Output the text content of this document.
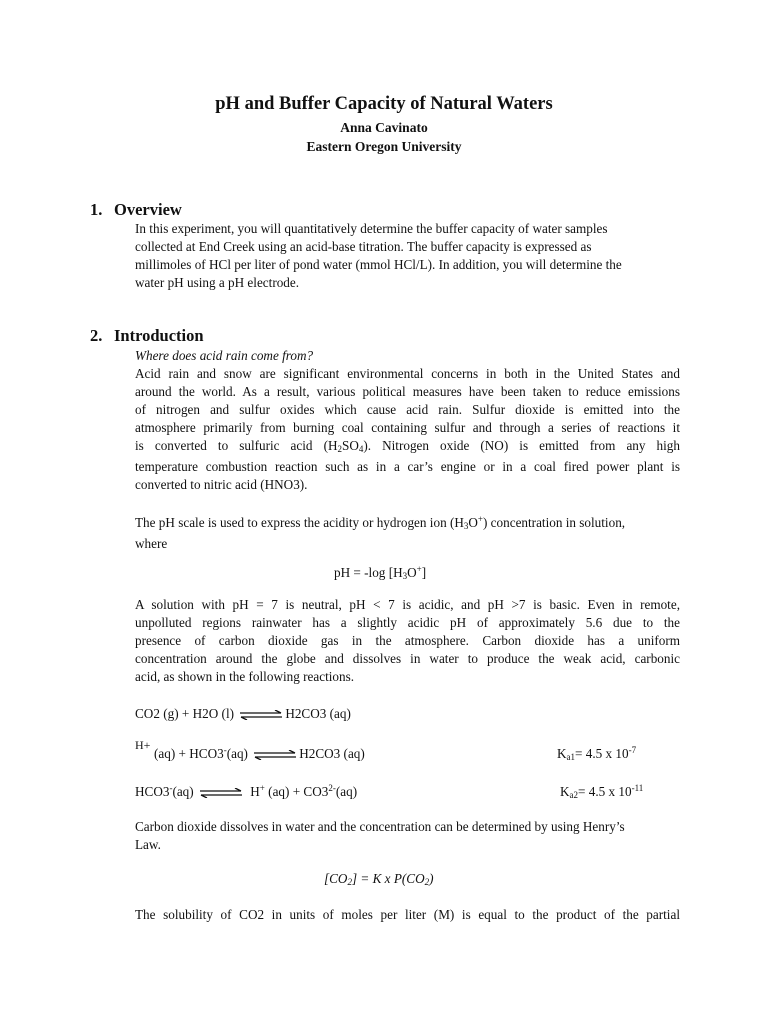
pH and Buffer Capacity of Natural Waters
Anna Cavinato
Eastern Oregon University
1. Overview
In this experiment, you will quantitatively determine the buffer capacity of water samples
collected at End Creek using an acid-base titration. The buffer capacity is expressed as
millimoles of HCl per liter of pond water (mmol HCl/L). In addition, you will determine the
water pH using a pH electrode.
2. Introduction
Where does acid rain come from?
Acid rain and snow are significant environmental concerns in both in the United States and
around the world. As a result, various political measures have been taken to reduce emissions
of nitrogen and sulfur oxides which cause acid rain. Sulfur dioxide is emitted into the
atmosphere primarily from burning coal containing sulfur and through a series of reactions it
is converted to sulfuric acid $(H_2SO_4)$. Nitrogen oxide (NO) is emitted from any high
temperature combustion reaction such as in a car’s engine or in a coal fired power plant is
converted to nitric acid (HNO3).
The pH scale is used to express the acidity or hydrogen ion $(H_3O^+)$ concentration in solution,
where
pH = -log $[H_3O^+]$
A solution with pH = 7 is neutral, pH < 7 is acidic, and pH >7 is basic. Even in remote,
unpolluted regions rainwater has a slightly acidic pH of approximately 5.6 due to the
presence of carbon dioxide gas in the atmosphere. Carbon dioxide has a uniform
concentration around the globe and dissolves in water to produce the weak acid, carbonic
acid, as shown in the following reactions.
CO2 (g) + H2O (l) ⇌ H2CO3 (aq)
H+
(aq) + HCO3-(aq) ⇌ H2CO3 (aq)	$K_{a1}= 4.5$ x $10^{-7}$
HCO3-(aq) ⇌ H+ $(aq) + CO3^{2-}(aq)$	$K_{a2}= 4.5$ x $10^{-11}$
Carbon dioxide dissolves in water and the concentration can be determined by using Henry’s
Law.
$[CO_2] = K$ x $P(CO_2)$
The solubility of CO2 in units of moles per liter (M) is equal to the product of the partial
